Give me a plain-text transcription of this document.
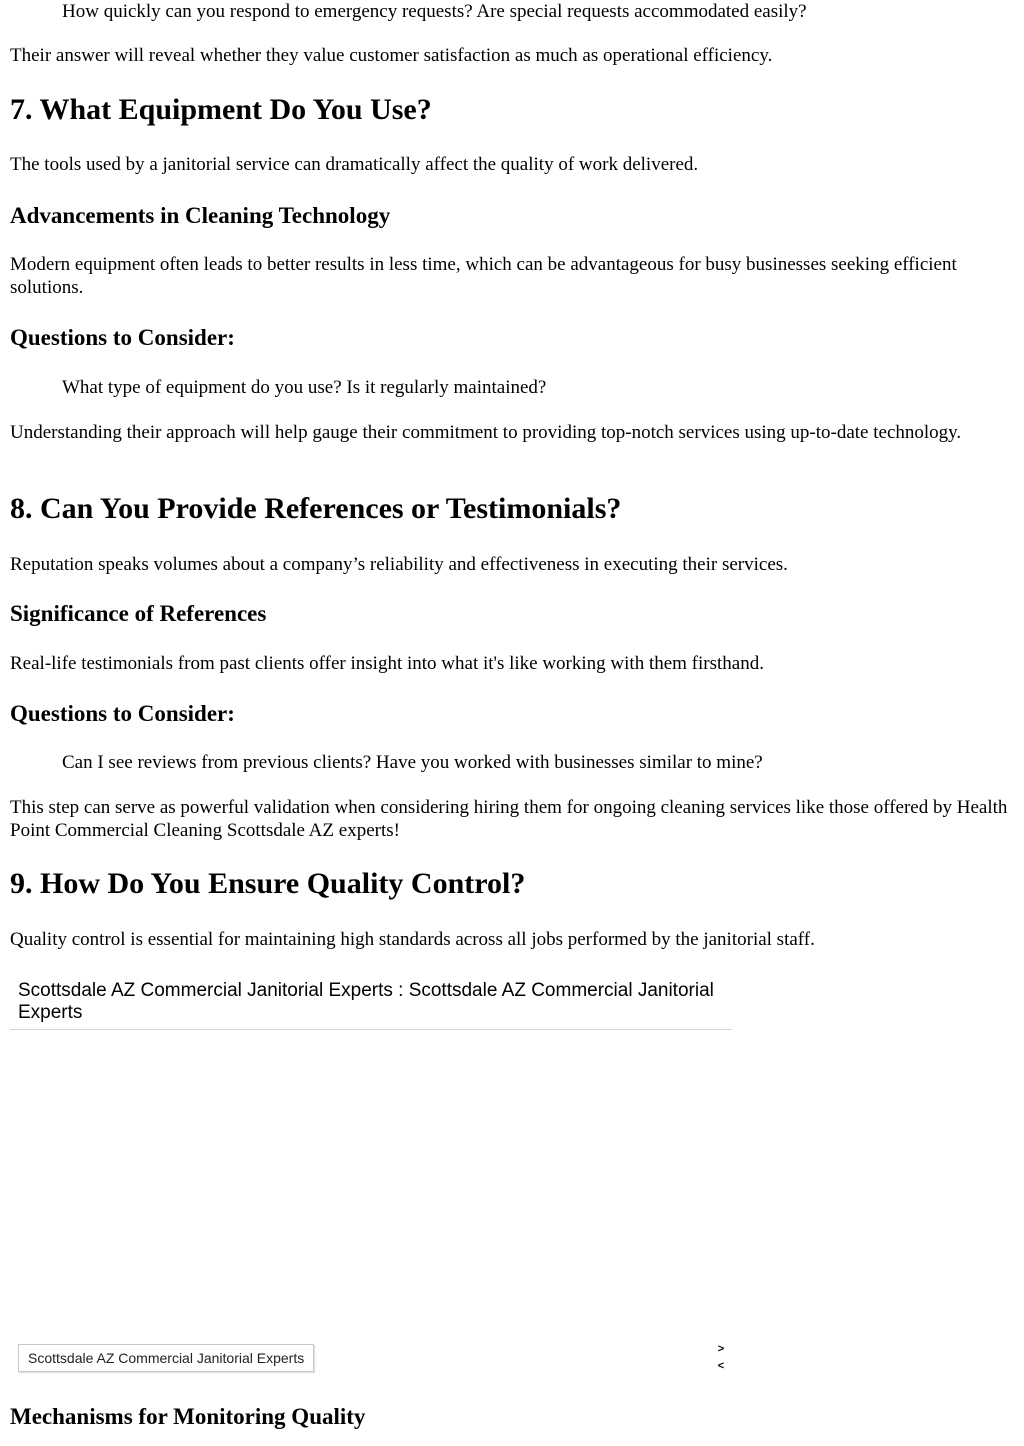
How quickly can you respond to emergency requests? Are special requests accommodated easily?

Their answer will reveal whether they value customer satisfaction as much as operational efficiency.

7. What Equipment Do You Use?

The tools used by a janitorial service can dramatically affect the quality of work delivered.

Advancements in Cleaning Technology

Modern equipment often leads to better results in less time, which can be advantageous for busy businesses seeking efficient solutions.

Questions to Consider:
What type of equipment do you use? Is it regularly maintained?

Understanding their approach will help gauge their commitment to providing top-notch services using up-to-date technology.

8. Can You Provide References or Testimonials?

Reputation speaks volumes about a company’s reliability and effectiveness in executing their services.

Significance of References

Real-life testimonials from past clients offer insight into what it's like working with them firsthand.

Questions to Consider:
Can I see reviews from previous clients? Have you worked with businesses similar to mine?

This step can serve as powerful validation when considering hiring them for ongoing cleaning services like those offered by Health Point Commercial Cleaning Scottsdale AZ experts!

9. How Do You Ensure Quality Control?

Quality control is essential for maintaining high standards across all jobs performed by the janitorial staff.

Scottsdale AZ Commercial Janitorial Experts : Scottsdale AZ Commercial Janitorial Experts
Scottsdale AZ Commercial Janitorial Experts
>
<
Mechanisms for Monitoring Quality
